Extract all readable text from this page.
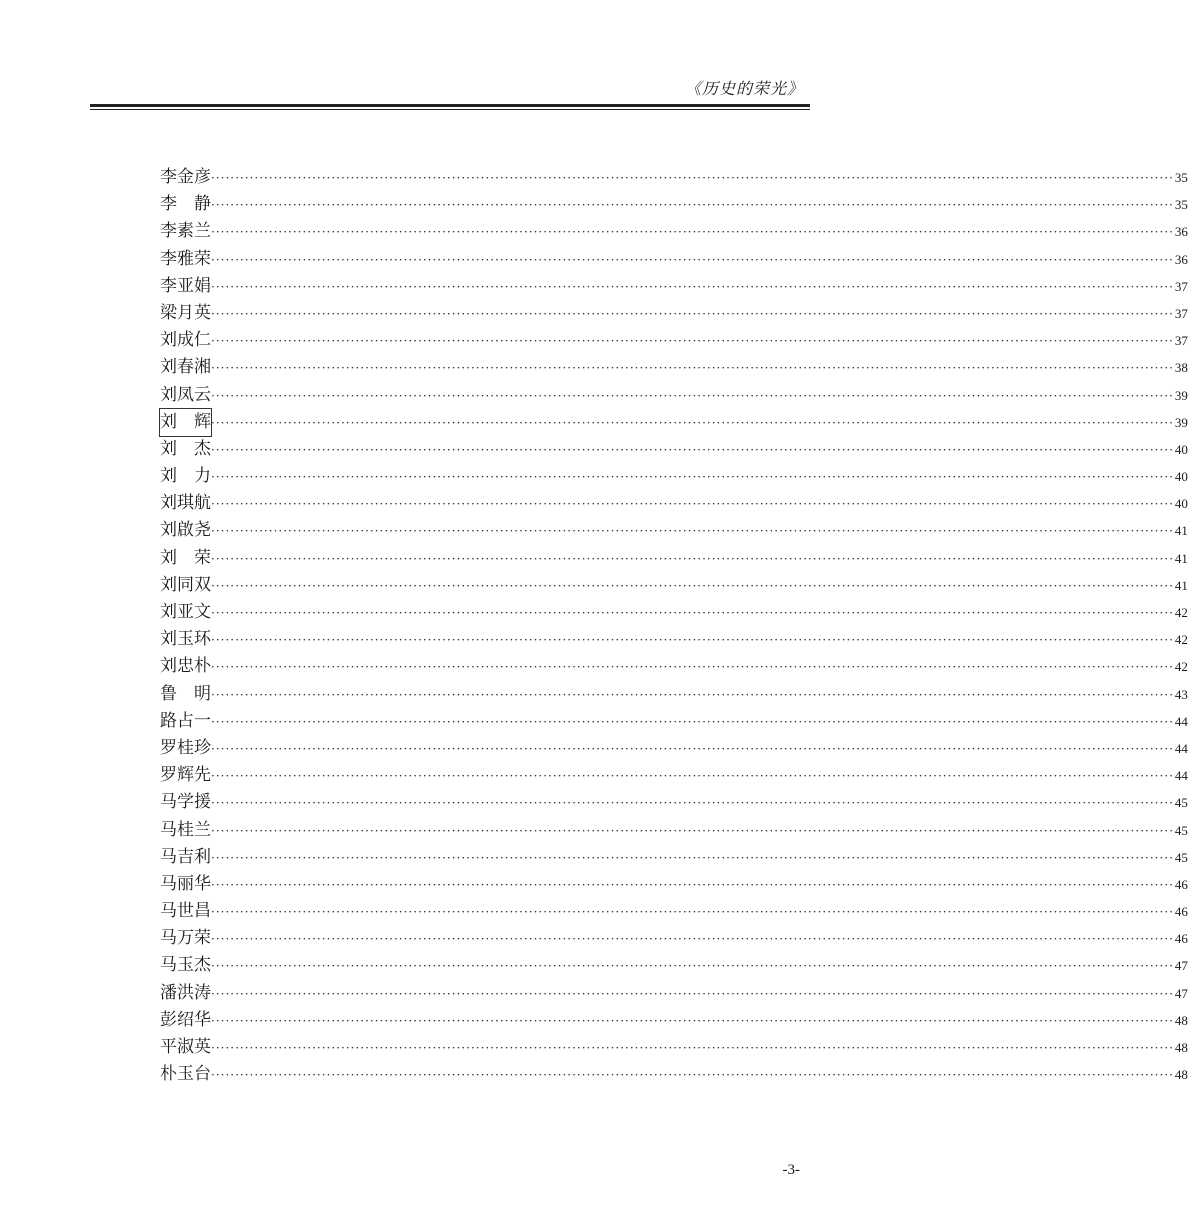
《历史的荣光》
李金彦 ········································································································································································································ 35
李　静 ········································································································································································································ 35
李素兰 ········································································································································································································ 36
李雅荣 ········································································································································································································ 36
李亚娟 ········································································································································································································ 37
梁月英 ········································································································································································································ 37
刘成仁 ········································································································································································································ 37
刘春湘 ········································································································································································································ 38
刘凤云 ········································································································································································································ 39
刘　辉 ········································································································································································································ 39
刘　杰 ········································································································································································································ 40
刘　力 ········································································································································································································ 40
刘琪航 ········································································································································································································ 40
刘啟尧 ········································································································································································································ 41
刘　荣 ········································································································································································································ 41
刘同双 ········································································································································································································ 41
刘亚文 ········································································································································································································ 42
刘玉环 ········································································································································································································ 42
刘忠朴 ········································································································································································································ 42
鲁　明 ········································································································································································································ 43
路占一 ········································································································································································································ 44
罗桂珍 ········································································································································································································ 44
罗辉先 ········································································································································································································ 44
马学援 ········································································································································································································ 45
马桂兰 ········································································································································································································ 45
马吉利 ········································································································································································································ 45
马丽华 ········································································································································································································ 46
马世昌 ········································································································································································································ 46
马万荣 ········································································································································································································ 46
马玉杰 ········································································································································································································ 47
潘洪涛 ········································································································································································································ 47
彭绍华 ········································································································································································································ 48
平淑英 ········································································································································································································ 48
朴玉台 ········································································································································································································ 48
-3-
